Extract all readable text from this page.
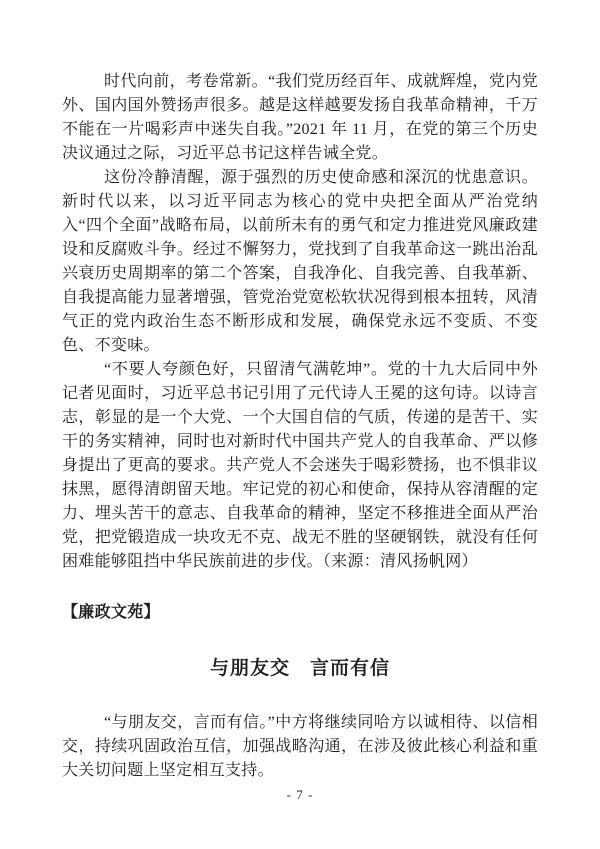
时代向前，考卷常新。“我们党历经百年、成就辉煌，党内党外、国内国外赞扬声很多。越是这样越要发扬自我革命精神，千万不能在一片喝彩声中迷失自我。”2021 年 11 月，在党的第三个历史决议通过之际，习近平总书记这样告诫全党。

这份冷静清醒，源于强烈的历史使命感和深沉的忧患意识。新时代以来，以习近平同志为核心的党中央把全面从严治党纳入“四个全面”战略布局，以前所未有的勇气和定力推进党风廉政建设和反腐败斗争。经过不懈努力，党找到了自我革命这一跳出治乱兴衰历史周期率的第二个答案，自我净化、自我完善、自我革新、自我提高能力显著增强，管党治党宽松软状况得到根本扭转，风清气正的党内政治生态不断形成和发展，确保党永远不变质、不变色、不变味。

“不要人夸颜色好，只留清气满乾坤”。党的十九大后同中外记者见面时，习近平总书记引用了元代诗人王冕的这句诗。以诗言志，彰显的是一个大党、一个大国自信的气质，传递的是苦干、实干的务实精神，同时也对新时代中国共产党人的自我革命、严以修身提出了更高的要求。共产党人不会迷失于喝彩赞扬，也不惧非议抹黑，愿得清朗留天地。牢记党的初心和使命，保持从容清醒的定力、埋头苦干的意志、自我革命的精神，坚定不移推进全面从严治党，把党锻造成一块攻无不克、战无不胜的坚硬钢铁，就没有任何困难能够阻挡中华民族前进的步伐。（来源：清风扬帆网）

【廉政文苑】

与朋友交　言而有信

“与朋友交，言而有信。”中方将继续同哈方以诚相待、以信相交，持续巩固政治互信，加强战略沟通，在涉及彼此核心利益和重大关切问题上坚定相互支持。

- 7 -
